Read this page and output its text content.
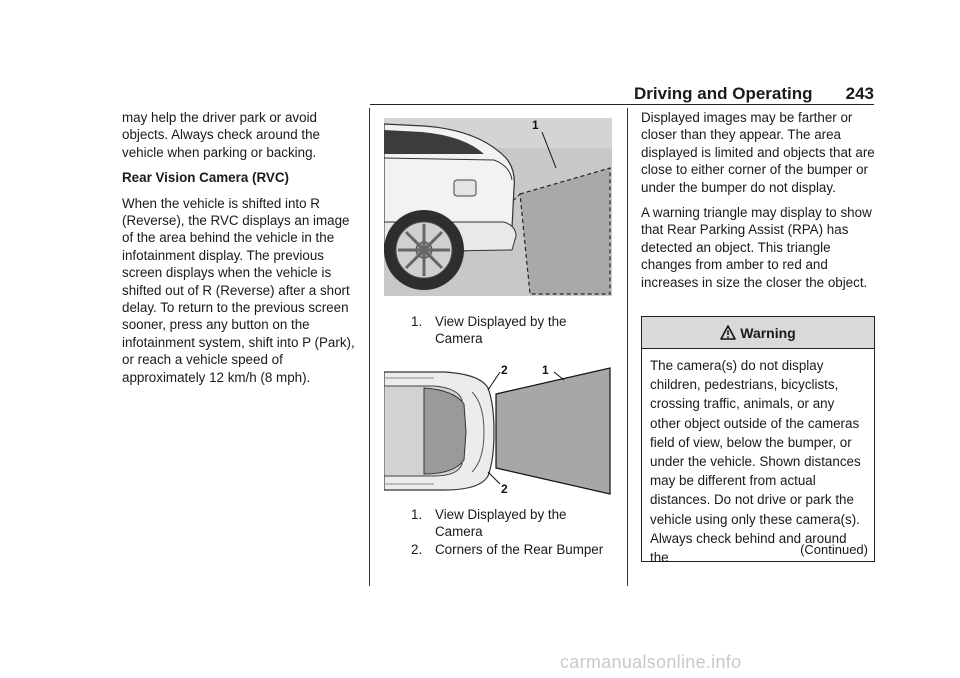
Driving and Operating 243

may help the driver park or avoid objects. Always check around the vehicle when parking or backing.

Rear Vision Camera (RVC)

When the vehicle is shifted into R (Reverse), the RVC displays an image of the area behind the vehicle in the infotainment display. The previous screen displays when the vehicle is shifted out of R (Reverse) after a short delay. To return to the previous screen sooner, press any button on the infotainment system, shift into P (Park), or reach a vehicle speed of approximately 12 km/h (8 mph).

1
1. View Displayed by the
Camera
2	1
2
1. View Displayed by the
Camera
2. Corners of the Rear Bumper

Displayed images may be farther or closer than they appear. The area displayed is limited and objects that are close to either corner of the bumper or under the bumper do not display.

A warning triangle may display to show that Rear Parking Assist (RPA) has detected an object. This triangle changes from amber to red and increases in size the closer the object.

Warning
The camera(s) do not display children, pedestrians, bicyclists, crossing traffic, animals, or any other object outside of the cameras field of view, below the bumper, or under the vehicle. Shown distances may be different from actual distances. Do not drive or park the vehicle using only these camera(s). Always check behind and around the
(Continued)
carmanualsonline.info
